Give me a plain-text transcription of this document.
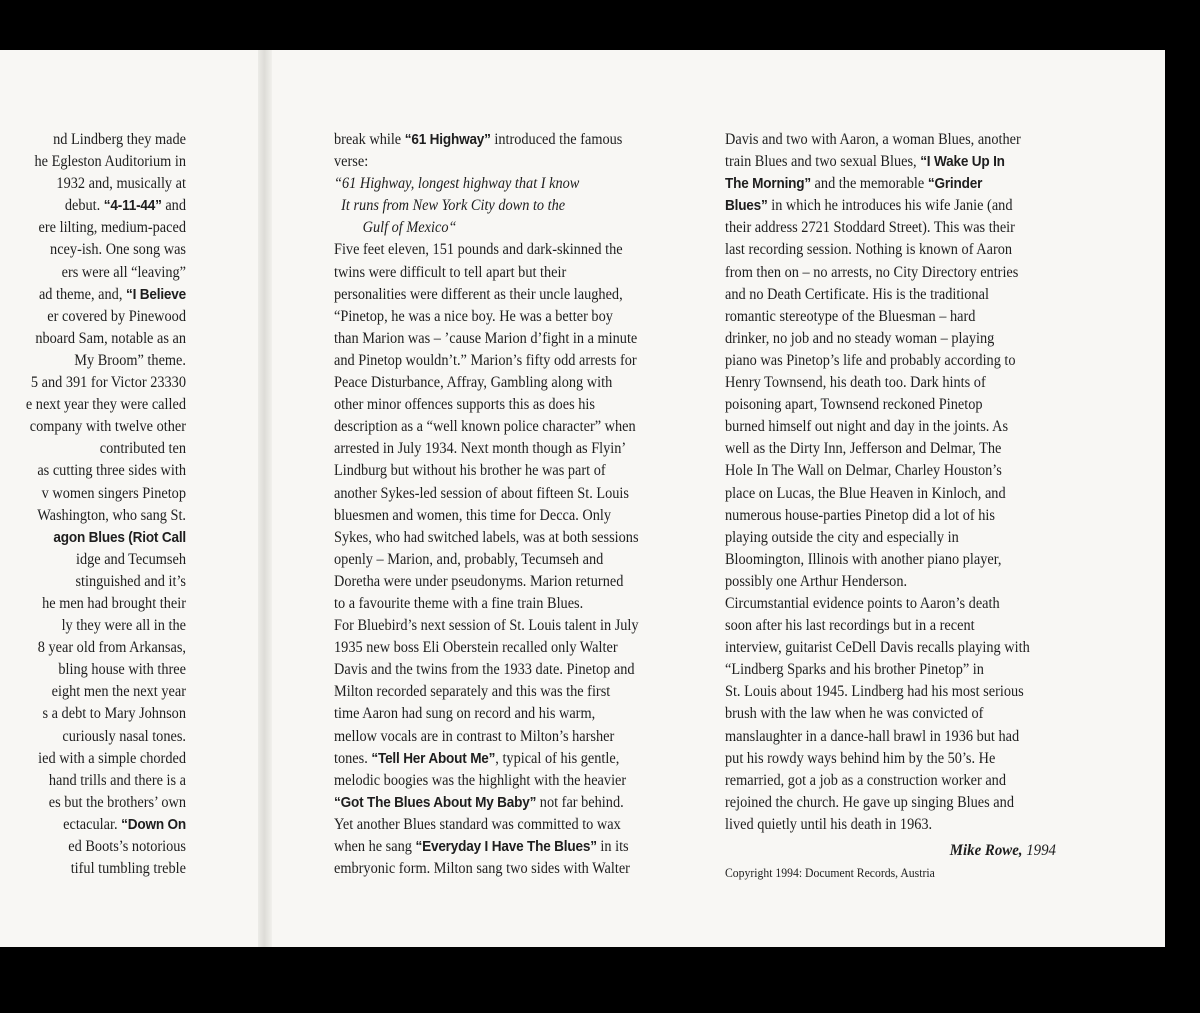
nd Lindberg they made
he Egleston Auditorium in
1932 and, musically at
debut. “4-11-44” and
ere lilting, medium-paced
ncey-ish. One song was
ers were all “leaving”
ad theme, and, “I Believe
er covered by Pinewood
nboard Sam, notable as an
My Broom” theme.
5 and 391 for Victor 23330
e next year they were called
company with twelve other
contributed ten
as cutting three sides with
v women singers Pinetop
Washington, who sang St.
agon Blues (Riot Call
idge and Tecumseh
stinguished and it’s
he men had brought their
ly they were all in the
8 year old from Arkansas,
bling house with three
eight men the next year
s a debt to Mary Johnson
curiously nasal tones.
ied with a simple chorded
hand trills and there is a
es but the brothers’ own
ectacular. “Down On
ed Boots’s notorious
tiful tumbling treble
break while “61 Highway” introduced the famous
verse:
“61 Highway, longest highway that I know
It runs from New York City down to the
Gulf of Mexico“
Five feet eleven, 151 pounds and dark-skinned the
twins were difficult to tell apart but their
personalities were different as their uncle laughed,
“Pinetop, he was a nice boy. He was a better boy
than Marion was – ’cause Marion d’fight in a minute
and Pinetop wouldn’t.” Marion’s fifty odd arrests for
Peace Disturbance, Affray, Gambling along with
other minor offences supports this as does his
description as a “well known police character” when
arrested in July 1934. Next month though as Flyin’
Lindburg but without his brother he was part of
another Sykes-led session of about fifteen St. Louis
bluesmen and women, this time for Decca. Only
Sykes, who had switched labels, was at both sessions
openly – Marion, and, probably, Tecumseh and
Doretha were under pseudonyms. Marion returned
to a favourite theme with a fine train Blues.
For Bluebird’s next session of St. Louis talent in July
1935 new boss Eli Oberstein recalled only Walter
Davis and the twins from the 1933 date. Pinetop and
Milton recorded separately and this was the first
time Aaron had sung on record and his warm,
mellow vocals are in contrast to Milton’s harsher
tones. “Tell Her About Me”, typical of his gentle,
melodic boogies was the highlight with the heavier
“Got The Blues About My Baby” not far behind.
Yet another Blues standard was committed to wax
when he sang “Everyday I Have The Blues” in its
embryonic form. Milton sang two sides with Walter
Davis and two with Aaron, a woman Blues, another
train Blues and two sexual Blues, “I Wake Up In
The Morning” and the memorable “Grinder
Blues” in which he introduces his wife Janie (and
their address 2721 Stoddard Street). This was their
last recording session. Nothing is known of Aaron
from then on – no arrests, no City Directory entries
and no Death Certificate. His is the traditional
romantic stereotype of the Bluesman – hard
drinker, no job and no steady woman – playing
piano was Pinetop’s life and probably according to
Henry Townsend, his death too. Dark hints of
poisoning apart, Townsend reckoned Pinetop
burned himself out night and day in the joints. As
well as the Dirty Inn, Jefferson and Delmar, The
Hole In The Wall on Delmar, Charley Houston’s
place on Lucas, the Blue Heaven in Kinloch, and
numerous house-parties Pinetop did a lot of his
playing outside the city and especially in
Bloomington, Illinois with another piano player,
possibly one Arthur Henderson.
Circumstantial evidence points to Aaron’s death
soon after his last recordings but in a recent
interview, guitarist CeDell Davis recalls playing with
“Lindberg Sparks and his brother Pinetop” in
St. Louis about 1945. Lindberg had his most serious
brush with the law when he was convicted of
manslaughter in a dance-hall brawl in 1936 but had
put his rowdy ways behind him by the 50’s. He
remarried, got a job as a construction worker and
rejoined the church. He gave up singing Blues and
lived quietly until his death in 1963.
Mike Rowe, 1994
Copyright 1994: Document Records, Austria
